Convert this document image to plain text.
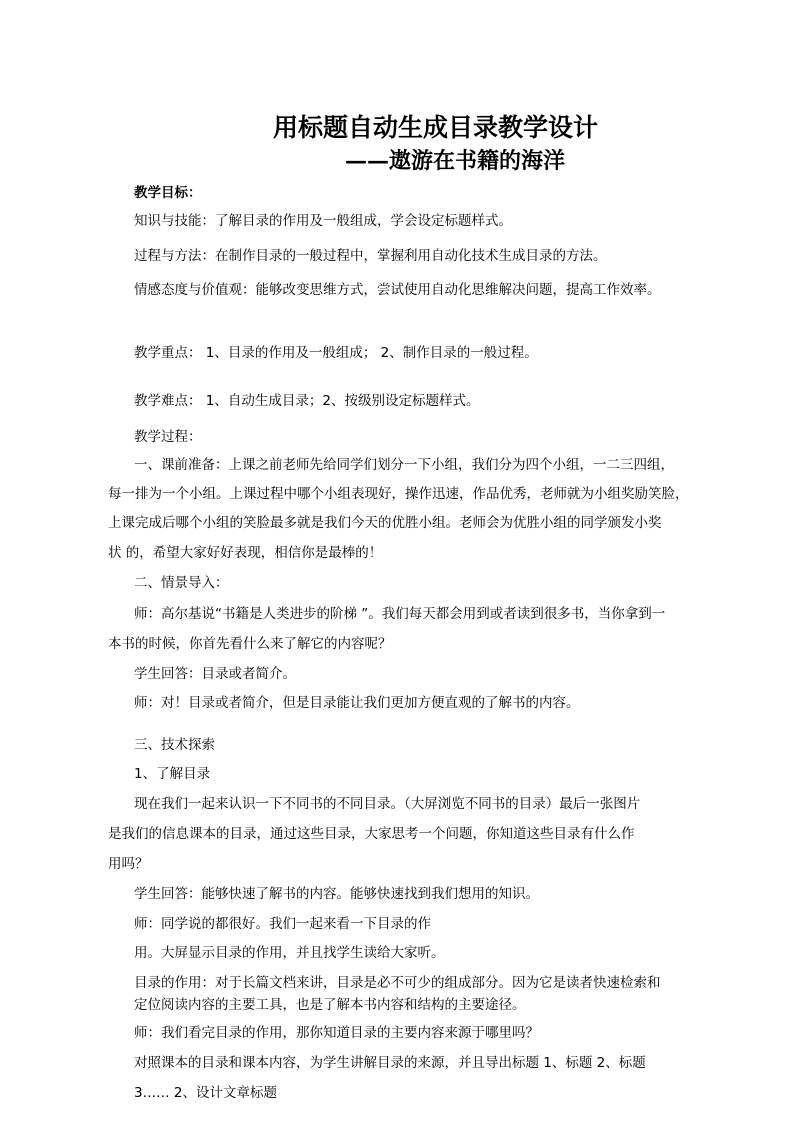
用标题自动生成目录教学设计
——遨游在书籍的海洋
教学目标：
知识与技能：了解目录的作用及一般组成，学会设定标题样式。
过程与方法：在制作目录的一般过程中，掌握利用自动化技术生成目录的方法。
情感态度与价值观：能够改变思维方式，尝试使用自动化思维解决问题，提高工作效率。
教学重点： 1、目录的作用及一般组成； 2、制作目录的一般过程。
教学难点： 1、自动生成目录；2、按级别设定标题样式。
教学过程：
一、课前准备：上课之前老师先给同学们划分一下小组，我们分为四个小组，一二三四组，
每一排为一个小组。上课过程中哪个小组表现好，操作迅速，作品优秀，老师就为小组奖励笑脸，
上课完成后哪个小组的笑脸最多就是我们今天的优胜小组。老师会为优胜小组的同学颁发小奖
状 的，希望大家好好表现，相信你是最棒的！
二、情景导入：
师：高尔基说“书籍是人类进步的阶梯 ”。我们每天都会用到或者读到很多书，当你拿到一
本书的时候，你首先看什么来了解它的内容呢？
学生回答：目录或者简介。
师：对！目录或者简介，但是目录能让我们更加方便直观的了解书的内容。
三、技术探索
1、了解目录
现在我们一起来认识一下不同书的不同目录。（大屏浏览不同书的目录）最后一张图片
是我们的信息课本的目录，通过这些目录，大家思考一个问题，你知道这些目录有什么作
用吗？
学生回答：能够快速了解书的内容。能够快速找到我们想用的知识。
师：同学说的都很好。我们一起来看一下目录的作
用。大屏显示目录的作用，并且找学生读给大家听。
目录的作用：对于长篇文档来讲，目录是必不可少的组成部分。因为它是读者快速检索和
定位阅读内容的主要工具，也是了解本书内容和结构的主要途径。
师：我们看完目录的作用，那你知道目录的主要内容来源于哪里吗？
对照课本的目录和课本内容，为学生讲解目录的来源，并且导出标题 1、标题 2、标题
3…… 2、设计文章标题
